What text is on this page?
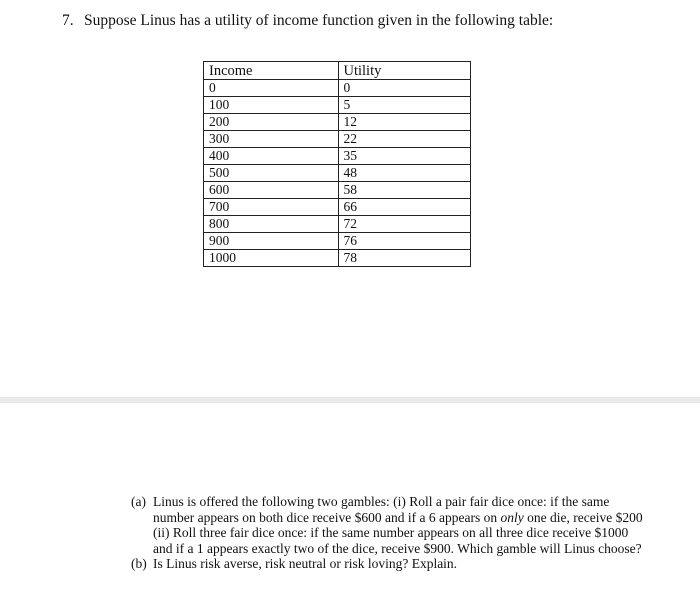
7. Suppose Linus has a utility of income function given in the following table:
Income	Utility
0	0
100	5
200	12
300	22
400	35
500	48
600	58
700	66
800	72
900	76
1000	78
(a) Linus is offered the following two gambles: (i) Roll a pair fair dice once: if the same number appears on both dice receive $600 and if a 6 appears on only one die, receive $200 (ii) Roll three fair dice once: if the same number appears on all three dice receive $1000 and if a 1 appears exactly two of the dice, receive $900. Which gamble will Linus choose?
(b) Is Linus risk averse, risk neutral or risk loving? Explain.
